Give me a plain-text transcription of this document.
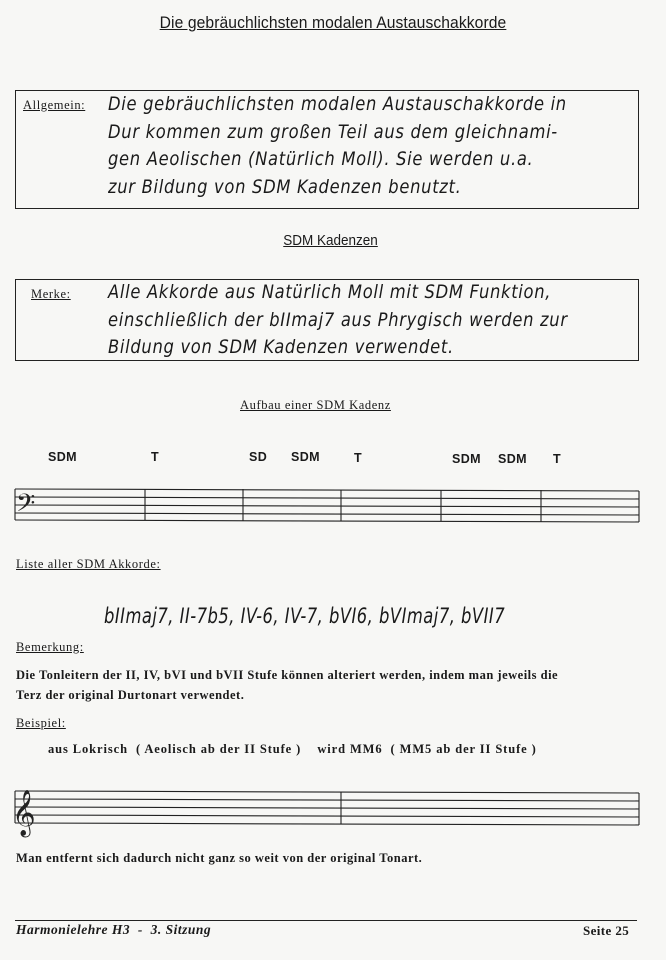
Die gebräuchlichsten modalen Austauschakkorde
Allgemein: Die gebräuchlichsten modalen Austauschakkorde in
Dur kommen zum großen Teil aus dem gleichnami-
gen Aeolischen (Natürlich Moll). Sie werden u.a.
zur Bildung von SDM Kadenzen benutzt.
SDM Kadenzen
Merke: Alle Akkorde aus Natürlich Moll mit SDM Funktion,
einschließlich der bIImaj7 aus Phrygisch werden zur
Bildung von SDM Kadenzen verwendet.
Aufbau einer SDM Kadenz
SDM	T	SD SDM	T	SDM SDM T
𝄢
Liste aller SDM Akkorde:
bIImaj7, II-7b5, IV-6, IV-7, bVI6, bVImaj7, bVII7
Bemerkung:
Die Tonleitern der II, IV, bVI und bVII Stufe können alteriert werden, indem man jeweils die
Terz der original Durtonart verwendet.
Beispiel:
aus Lokrisch  ( Aeolisch ab der II Stufe )    wird MM6  ( MM5 ab der II Stufe )
𝄞
Man entfernt sich dadurch nicht ganz so weit von der original Tonart.
Harmonielehre H3  -  3. Sitzung	Seite 25
